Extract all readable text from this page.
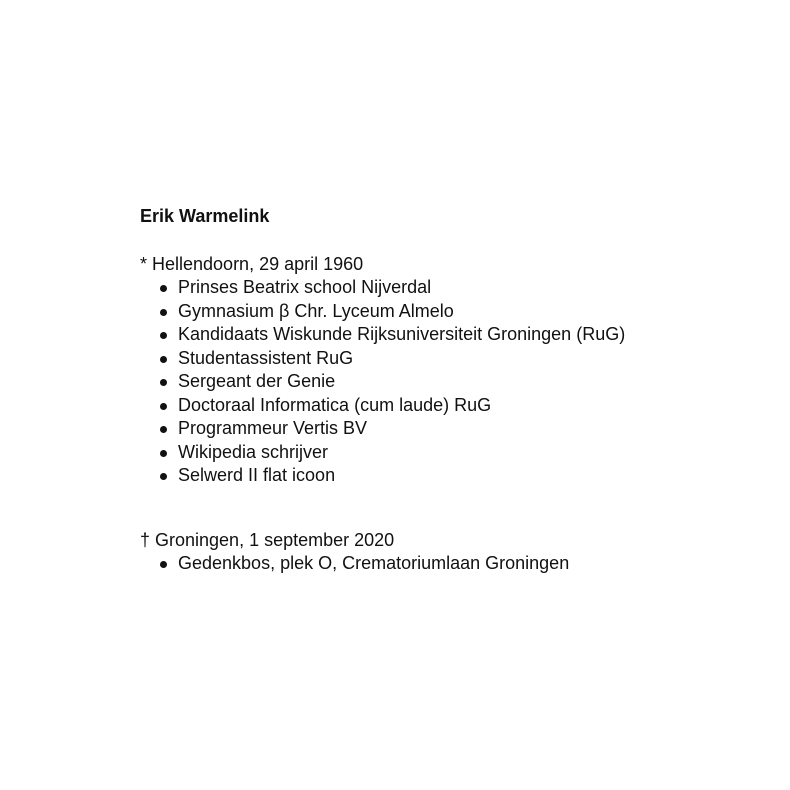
Erik Warmelink
* Hellendoorn, 29 april 1960
Prinses Beatrix school Nijverdal
Gymnasium β Chr. Lyceum Almelo
Kandidaats Wiskunde Rijksuniversiteit Groningen (RuG)
Studentassistent RuG
Sergeant der Genie
Doctoraal Informatica (cum laude) RuG
Programmeur Vertis BV
Wikipedia schrijver
Selwerd II flat icoon
† Groningen, 1 september 2020
Gedenkbos, plek O, Crematoriumlaan Groningen
